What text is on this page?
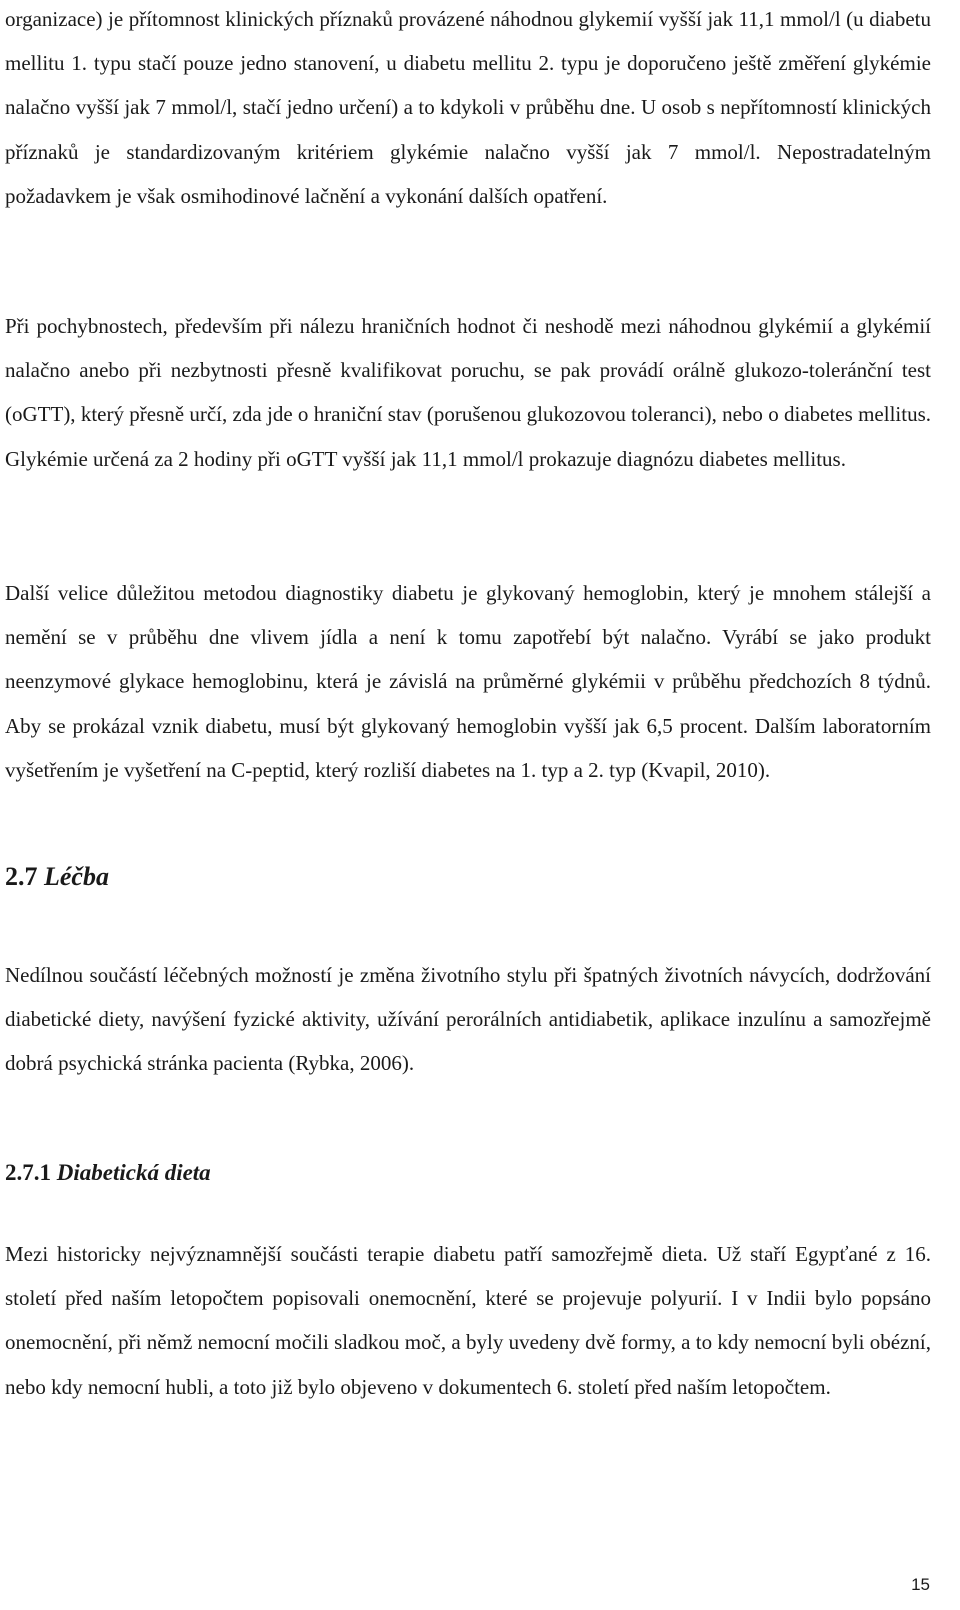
organizace) je přítomnost klinických příznaků provázené náhodnou glykemií vyšší jak 11,1 mmol/l (u diabetu mellitu 1. typu stačí pouze jedno stanovení, u diabetu mellitu 2. typu je doporučeno ještě změření glykémie nalačno vyšší jak 7 mmol/l, stačí jedno určení) a to kdykoli v průběhu dne. U osob s nepřítomností klinických příznaků je standardizovaným kritériem glykémie nalačno vyšší jak 7 mmol/l. Nepostradatelným požadavkem je však osmihodinové lačnění a vykonání dalších opatření.

Při pochybnostech, především při nálezu hraničních hodnot či neshodě mezi náhodnou glykémií a glykémií nalačno anebo při nezbytnosti přesně kvalifikovat poruchu, se pak provádí orálně glukozo-toleránční test (oGTT), který přesně určí, zda jde o hraniční stav (porušenou glukozovou toleranci), nebo o diabetes mellitus. Glykémie určená za 2 hodiny při oGTT vyšší jak 11,1 mmol/l prokazuje diagnózu diabetes mellitus.

Další velice důležitou metodou diagnostiky diabetu je glykovaný hemoglobin, který je mnohem stálejší a nemění se v průběhu dne vlivem jídla a není k tomu zapotřebí být nalačno. Vyrábí se jako produkt neenzymové glykace hemoglobinu, která je závislá na průměrné glykémii v průběhu předchozích 8 týdnů. Aby se prokázal vznik diabetu, musí být glykovaný hemoglobin vyšší jak 6,5 procent. Dalším laboratorním vyšetřením je vyšetření na C-peptid, který rozliší diabetes na 1. typ a 2. typ (Kvapil, 2010).

2.7 Léčba

Nedílnou součástí léčebných možností je změna životního stylu při špatných životních návycích, dodržování diabetické diety, navýšení fyzické aktivity, užívání perorálních antidiabetik, aplikace inzulínu a samozřejmě dobrá psychická stránka pacienta (Rybka, 2006).

2.7.1 Diabetická dieta

Mezi historicky nejvýznamnější součásti terapie diabetu patří samozřejmě dieta. Už staří Egypťané z 16. století před naším letopočtem popisovali onemocnění, které se projevuje polyurií. I v Indii bylo popsáno onemocnění, při němž nemocní močili sladkou moč, a byly uvedeny dvě formy, a to kdy nemocní byli obézní, nebo kdy nemocní hubli, a toto již bylo objeveno v dokumentech 6. století před naším letopočtem.

15
